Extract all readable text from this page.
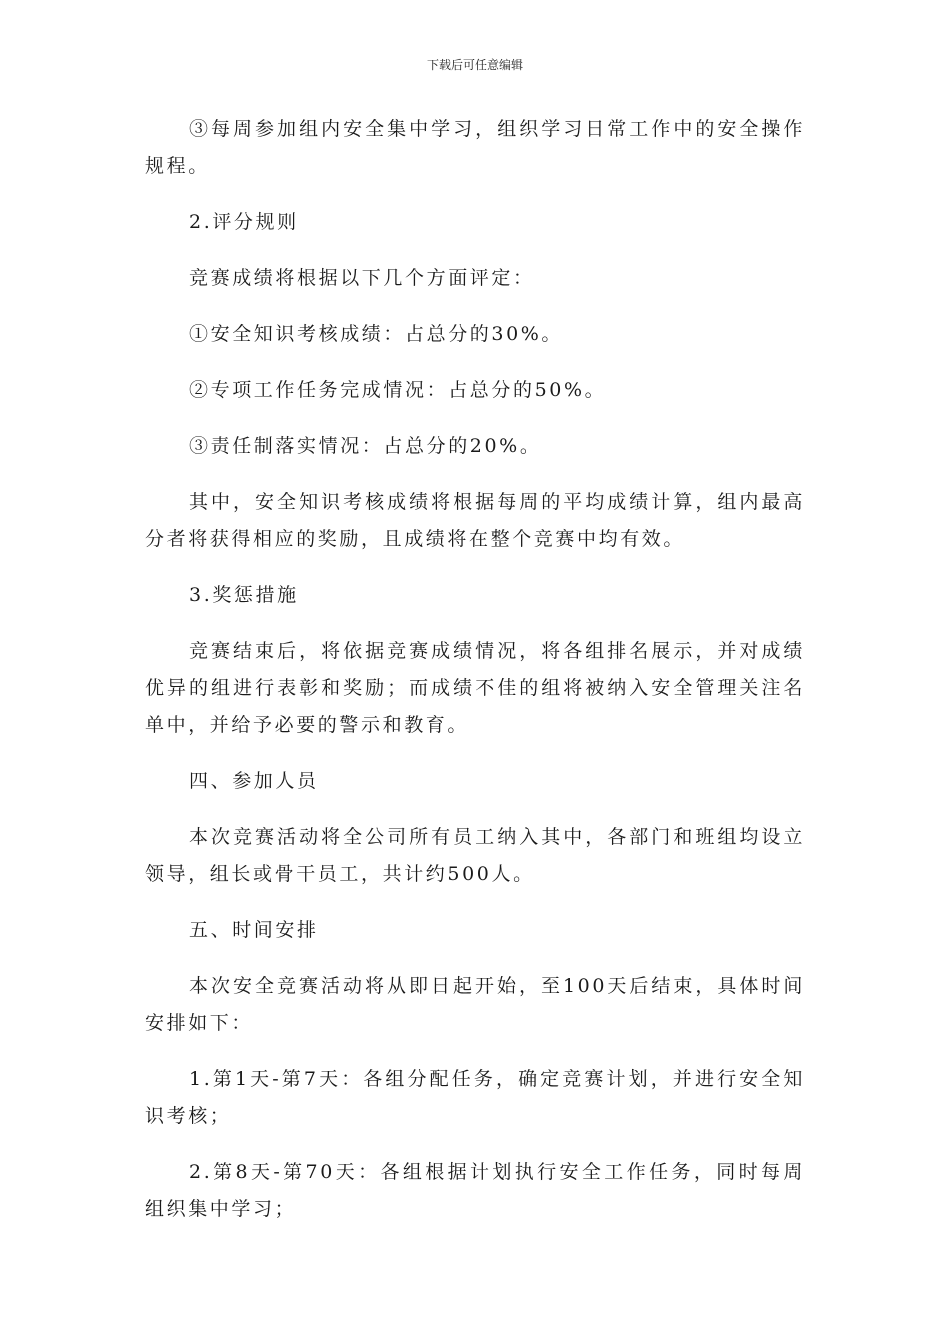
下载后可任意编辑

③每周参加组内安全集中学习，组织学习日常工作中的安全操作规程。

2.评分规则

竞赛成绩将根据以下几个方面评定：

①安全知识考核成绩：占总分的30%。

②专项工作任务完成情况：占总分的50%。

③责任制落实情况：占总分的20%。

其中，安全知识考核成绩将根据每周的平均成绩计算，组内最高分者将获得相应的奖励，且成绩将在整个竞赛中均有效。

3.奖惩措施

竞赛结束后，将依据竞赛成绩情况，将各组排名展示，并对成绩优异的组进行表彰和奖励；而成绩不佳的组将被纳入安全管理关注名单中，并给予必要的警示和教育。

四、参加人员

本次竞赛活动将全公司所有员工纳入其中，各部门和班组均设立领导，组长或骨干员工，共计约500人。

五、时间安排

本次安全竞赛活动将从即日起开始，至100天后结束，具体时间安排如下：

1.第1天-第7天：各组分配任务，确定竞赛计划，并进行安全知识考核；

2.第8天-第70天：各组根据计划执行安全工作任务，同时每周组织集中学习；
